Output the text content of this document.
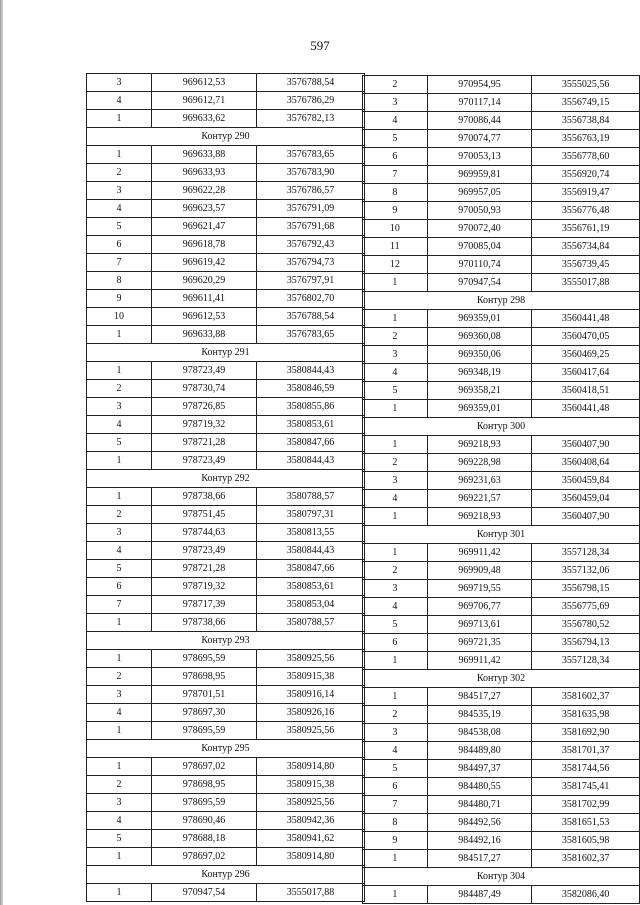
597
3	969612,53	3576788,54
4	969612,71	3576786,29
1	969633,62	3576782,13
Контур 290		
1	969633,88	3576783,65
2	969633,93	3576783,90
3	969622,28	3576786,57
4	969623,57	3576791,09
5	969621,47	3576791,68
6	969618,78	3576792,43
7	969619,42	3576794,73
8	969620,29	3576797,91
9	969611,41	3576802,70
10	969612,53	3576788,54
1	969633,88	3576783,65
Контур 291		
1	978723,49	3580844,43
2	978730,74	3580846,59
3	978726,85	3580855,86
4	978719,32	3580853,61
5	978721,28	3580847,66
1	978723,49	3580844,43
Контур 292		
1	978738,66	3580788,57
2	978751,45	3580797,31
3	978744,63	3580813,55
4	978723,49	3580844,43
5	978721,28	3580847,66
6	978719,32	3580853,61
7	978717,39	3580853,04
1	978738,66	3580788,57
Контур 293		
1	978695,59	3580925,56
2	978698,95	3580915,38
3	978701,51	3580916,14
4	978697,30	3580926,16
1	978695,59	3580925,56
Контур 295		
1	978697,02	3580914,80
2	978698,95	3580915,38
3	978695,59	3580925,56
4	978690,46	3580942,36
5	978688,18	3580941,62
1	978697,02	3580914,80
Контур 296		
1	970947,54	3555017,88
2	970954,95	3555025,56
3	970117,14	3556749,15
4	970086,44	3556738,84
5	970074,77	3556763,19
6	970053,13	3556778,60
7	969959,81	3556920,74
8	969957,05	3556919,47
9	970050,93	3556776,48
10	970072,40	3556761,19
11	970085,04	3556734,84
12	970110,74	3556739,45
1	970947,54	3555017,88
Контур 298		
1	969359,01	3560441,48
2	969360,08	3560470,05
3	969350,06	3560469,25
4	969348,19	3560417,64
5	969358,21	3560418,51
1	969359,01	3560441,48
Контур 300		
1	969218,93	3560407,90
2	969228,98	3560408,64
3	969231,63	3560459,84
4	969221,57	3560459,04
1	969218,93	3560407,90
Контур 301		
1	969911,42	3557128,34
2	969909,48	3557132,06
3	969719,55	3556798,15
4	969706,77	3556775,69
5	969713,61	3556780,52
6	969721,35	3556794,13
1	969911,42	3557128,34
Контур 302		
1	984517,27	3581602,37
2	984535,19	3581635,98
3	984538,08	3581692,90
4	984489,80	3581701,37
5	984497,37	3581744,56
6	984480,55	3581745,41
7	984480,71	3581702,99
8	984492,56	3581651,53
9	984492,16	3581605,98
1	984517,27	3581602,37
Контур 304		
1	984487,49	3582086,40
